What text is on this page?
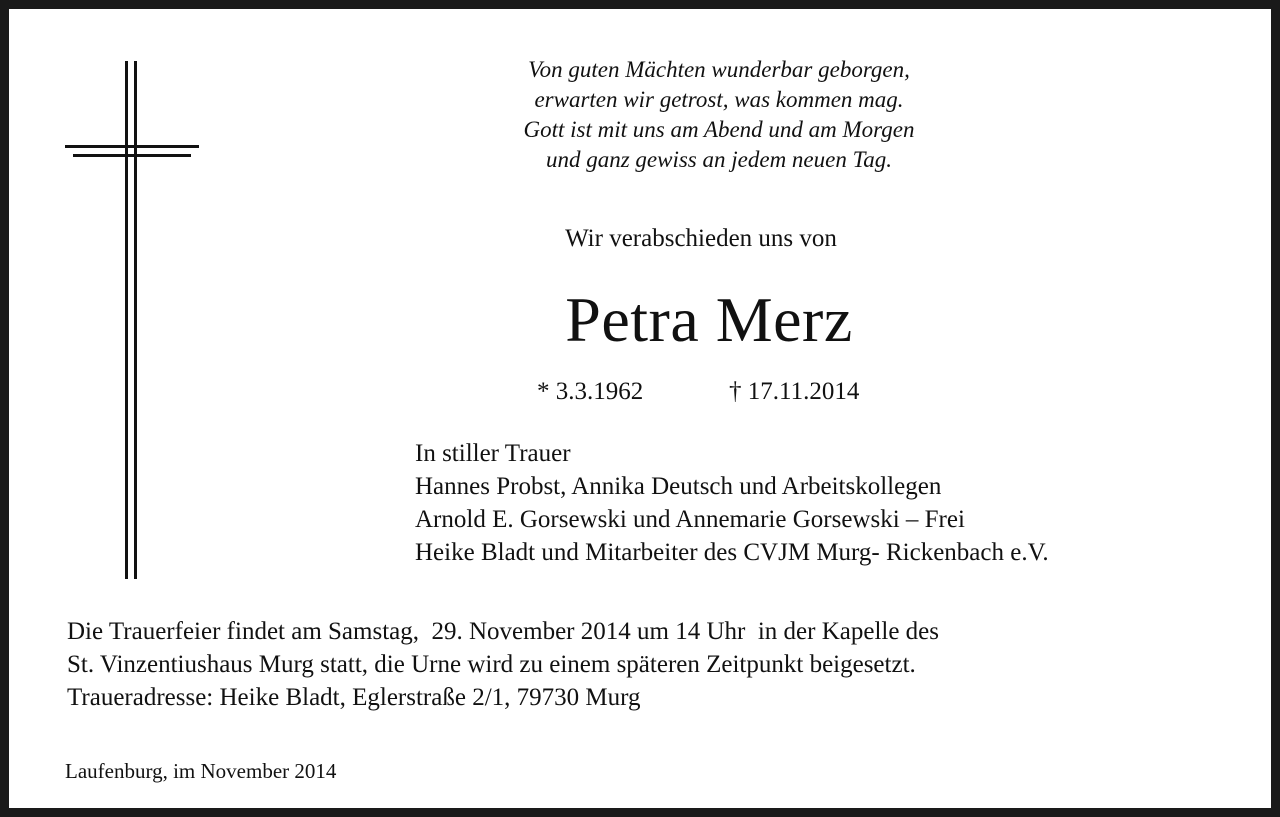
Von guten Mächten wunderbar geborgen,
erwarten wir getrost, was kommen mag.
Gott ist mit uns am Abend und am Morgen
und ganz gewiss an jedem neuen Tag.
Wir verabschieden uns von
Petra Merz
* 3.3.1962	† 17.11.2014
In stiller Trauer
Hannes Probst, Annika Deutsch und Arbeitskollegen
Arnold E. Gorsewski und Annemarie Gorsewski – Frei
Heike Bladt und Mitarbeiter des CVJM Murg- Rickenbach e.V.
Die Trauerfeier findet am Samstag,  29. November 2014 um 14 Uhr  in der Kapelle des
St. Vinzentiushaus Murg statt, die Urne wird zu einem späteren Zeitpunkt beigesetzt.
Traueradresse: Heike Bladt, Eglerstraße 2/1, 79730 Murg
Laufenburg, im November 2014
